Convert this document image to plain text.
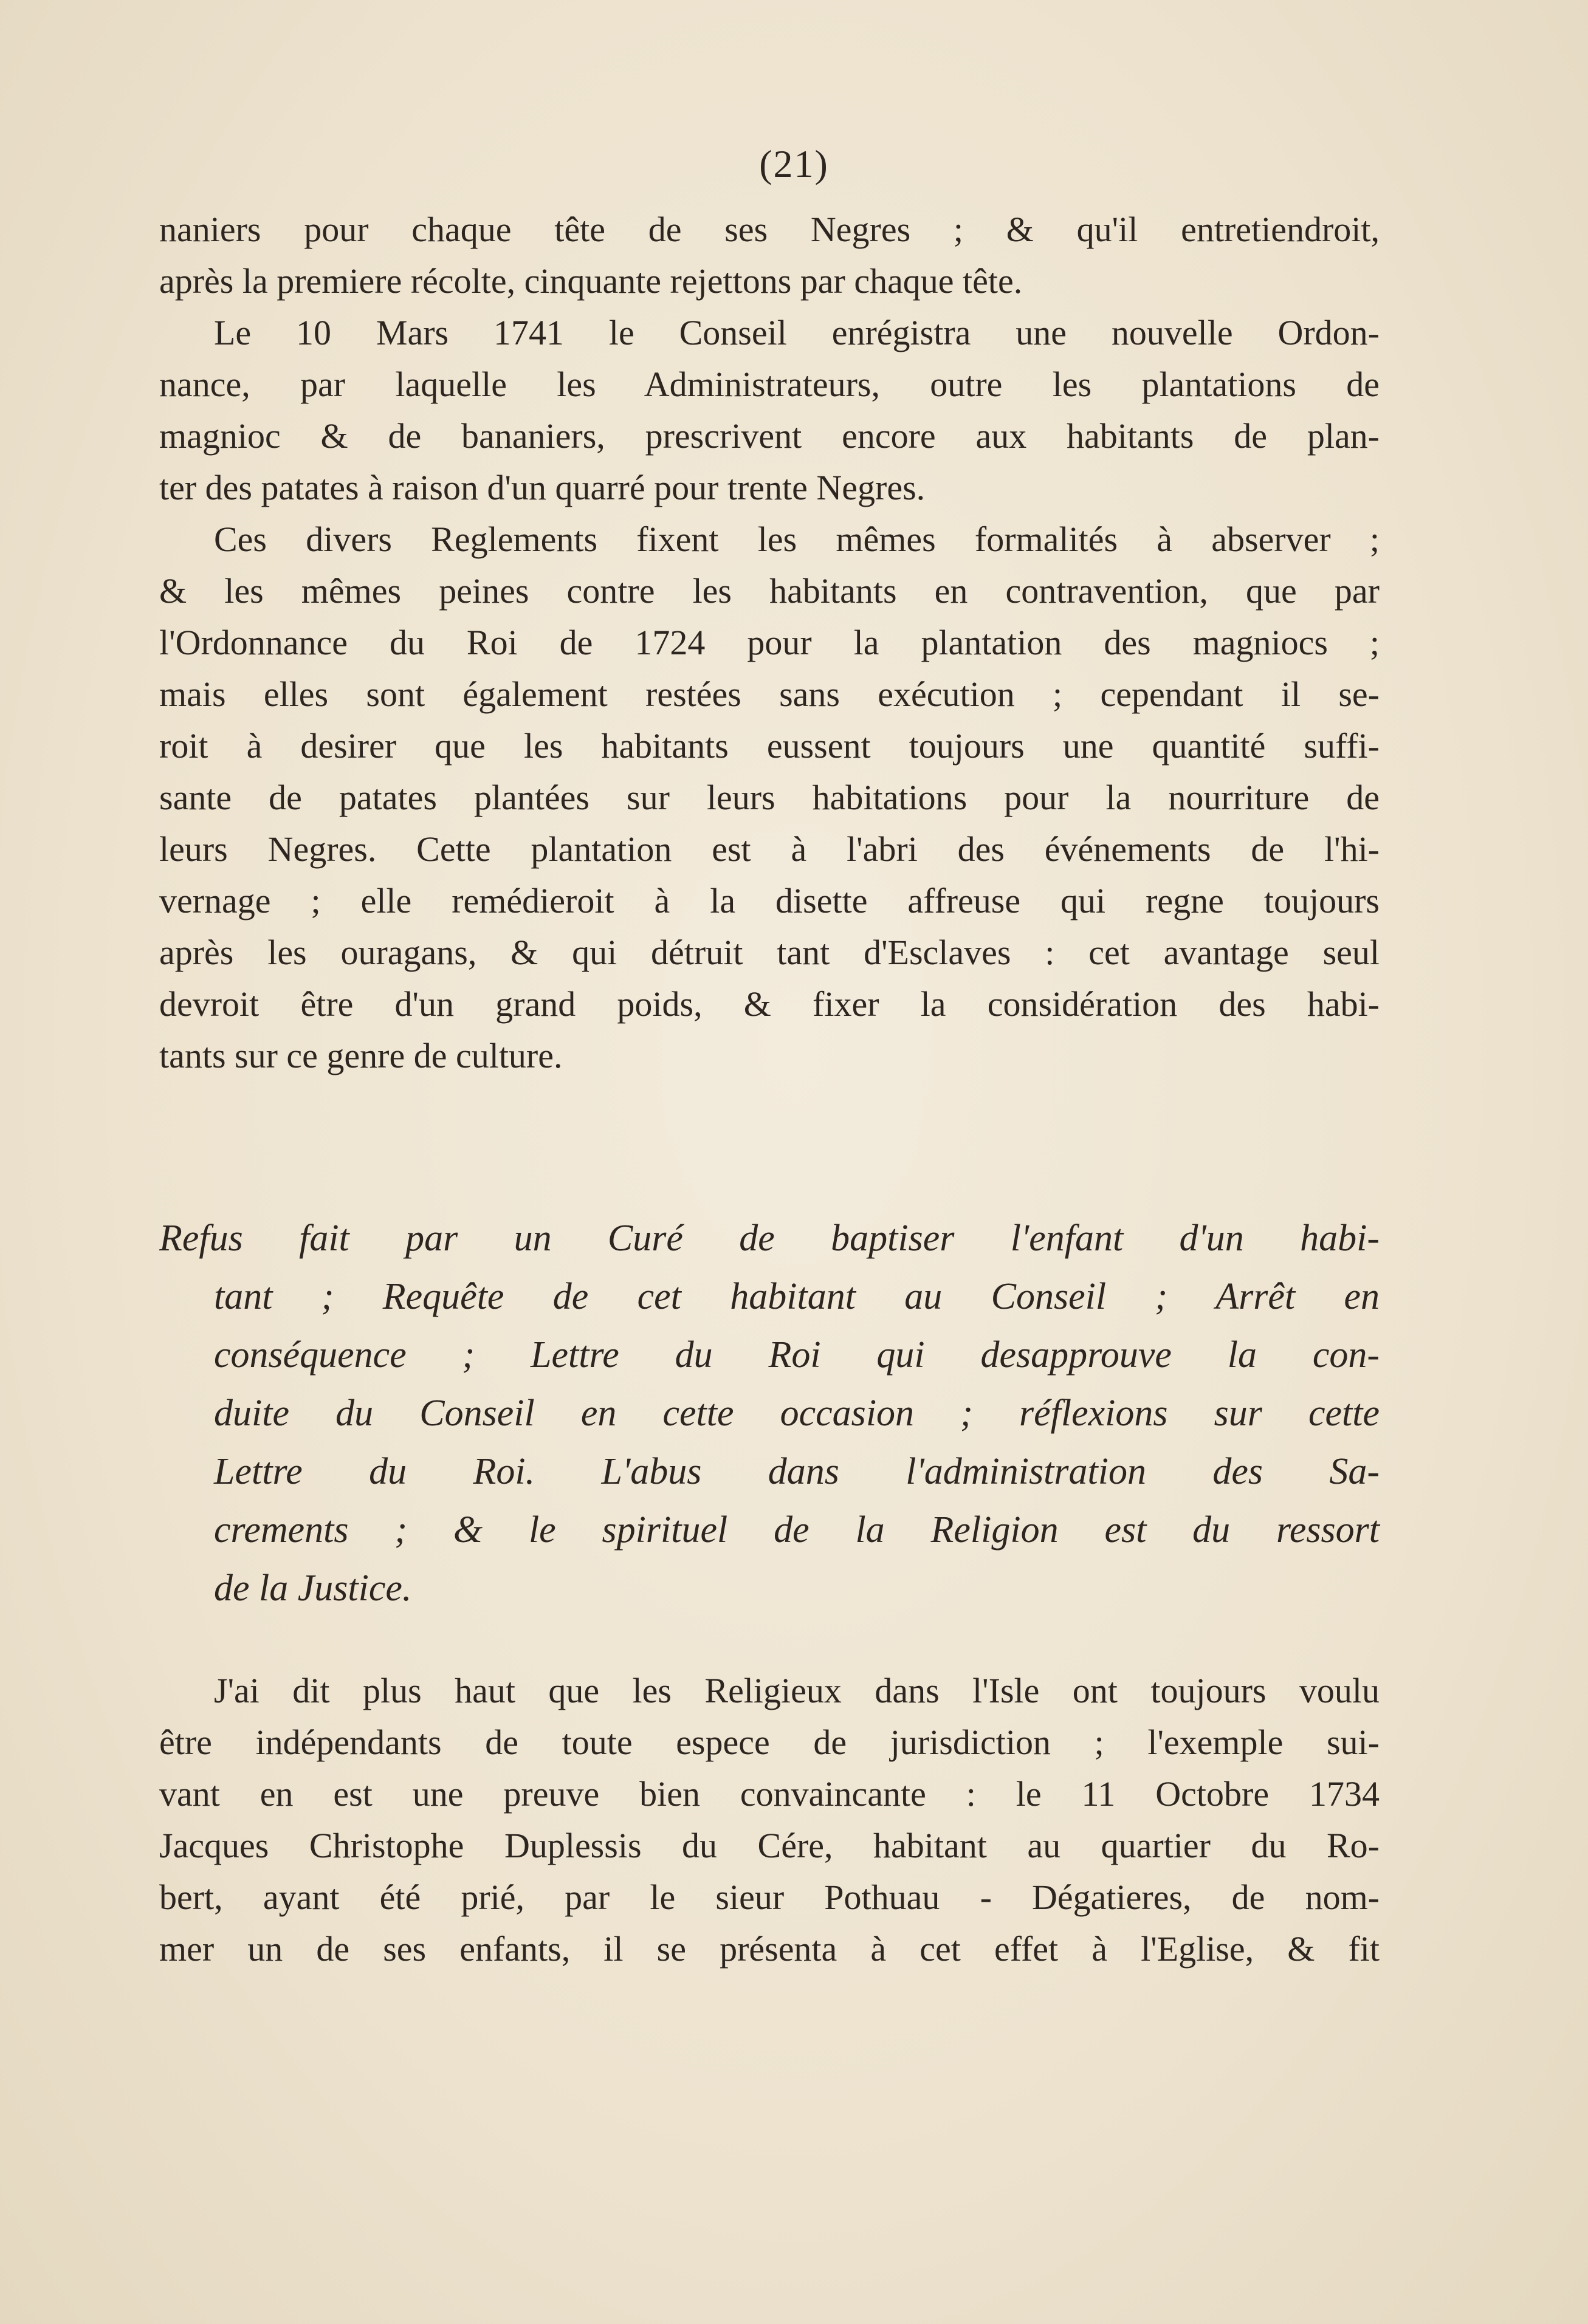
(21)
naniers pour chaque tête de ses Negres ; & qu'il entretiendroit,
après la premiere récolte, cinquante rejettons par chaque tête.
Le 10 Mars 1741 le Conseil enrégistra une nouvelle Ordon-
nance, par laquelle les Administrateurs, outre les plantations de
magnioc & de bananiers, prescrivent encore aux habitants de plan-
ter des patates à raison d'un quarré pour trente Negres.
Ces divers Reglements fixent les mêmes formalités à abserver ;
& les mêmes peines contre les habitants en contravention, que par
l'Ordonnance du Roi de 1724 pour la plantation des magniocs ;
mais elles sont également restées sans exécution ; cependant il se-
roit à desirer que les habitants eussent toujours une quantité suffi-
sante de patates plantées sur leurs habitations pour la nourriture de
leurs Negres. Cette plantation est à l'abri des événements de l'hi-
vernage ; elle remédieroit à la disette affreuse qui regne toujours
après les ouragans, & qui détruit tant d'Esclaves : cet avantage seul
devroit être d'un grand poids, & fixer la considération des habi-
tants sur ce genre de culture.
Refus fait par un Curé de baptiser l'enfant d'un habi-
tant ; Requête de cet habitant au Conseil ; Arrêt en
conséquence ; Lettre du Roi qui desapprouve la con-
duite du Conseil en cette occasion ; réflexions sur cette
Lettre du Roi. L'abus dans l'administration des Sa-
crements ; & le spirituel de la Religion est du ressort
de la Justice.
J'ai dit plus haut que les Religieux dans l'Isle ont toujours voulu
être indépendants de toute espece de jurisdiction ; l'exemple sui-
vant en est une preuve bien convaincante : le 11 Octobre 1734
Jacques Christophe Duplessis du Cére, habitant au quartier du Ro-
bert, ayant été prié, par le sieur Pothuau - Dégatieres, de nom-
mer un de ses enfants, il se présenta à cet effet à l'Eglise, & fit
